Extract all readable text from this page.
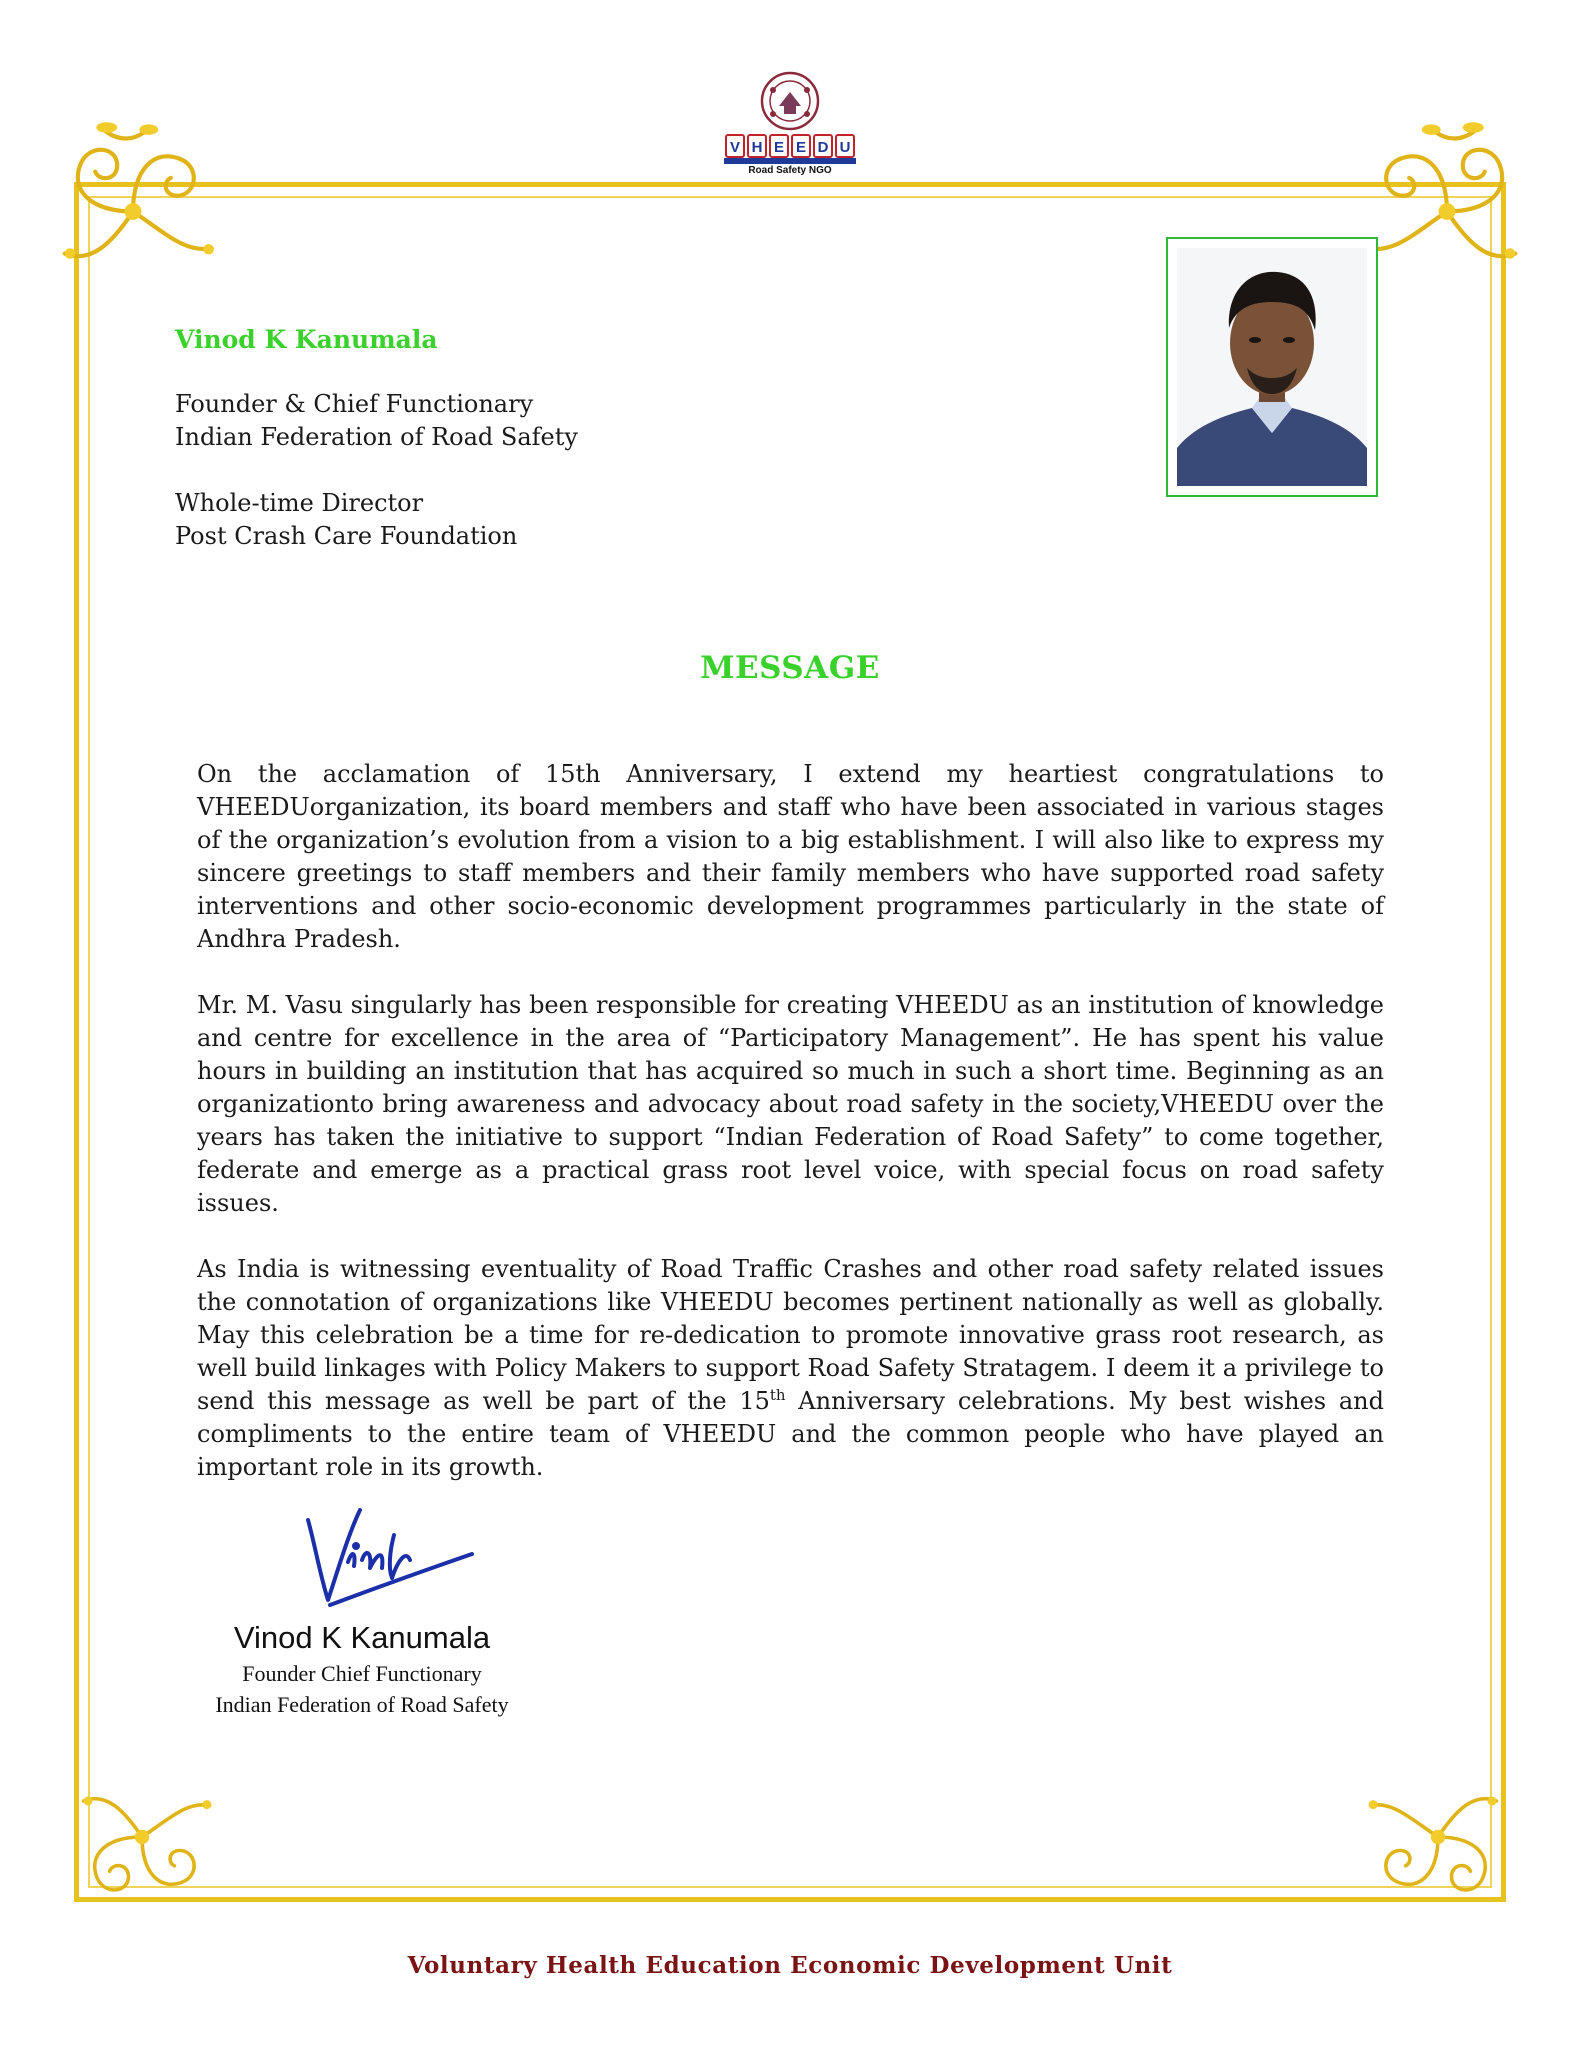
V H E E D U
Road Safety NGO

Vinod K Kanumala

Founder & Chief Functionary

Indian Federation of Road Safety

Whole-time Director

Post Crash Care Foundation

MESSAGE

On the acclamation of 15th Anniversary, I extend my heartiest congratulations to VHEEDUorganization, its board members and staff who have been associated in various stages of the organization’s evolution from a vision to a big establishment. I will also like to express my sincere greetings to staff members and their family members who have supported road safety interventions and other socio-economic development programmes particularly in the state of Andhra Pradesh.

Mr. M. Vasu singularly has been responsible for creating VHEEDU as an institution of knowledge and centre for excellence in the area of “Participatory Management”. He has spent his value hours in building an institution that has acquired so much in such a short time. Beginning as an organizationto bring awareness and advocacy about road safety in the society,VHEEDU over the years has taken the initiative to support “Indian Federation of Road Safety” to come together, federate and emerge as a practical grass root level voice, with special focus on road safety issues.

As India is witnessing eventuality of Road Traffic Crashes and other road safety related issues the connotation of organizations like VHEEDU becomes pertinent nationally as well as globally. May this celebration be a time for re-dedication to promote innovative grass root research, as well build linkages with Policy Makers to support Road Safety Stratagem. I deem it a privilege to send this message as well be part of the 15th Anniversary celebrations. My best wishes and compliments to the entire team of VHEEDU and the common people who have played an important role in its growth.

Vinod K Kanumala
Founder Chief Functionary
Indian Federation of Road Safety
Voluntary Health Education Economic Development Unit
